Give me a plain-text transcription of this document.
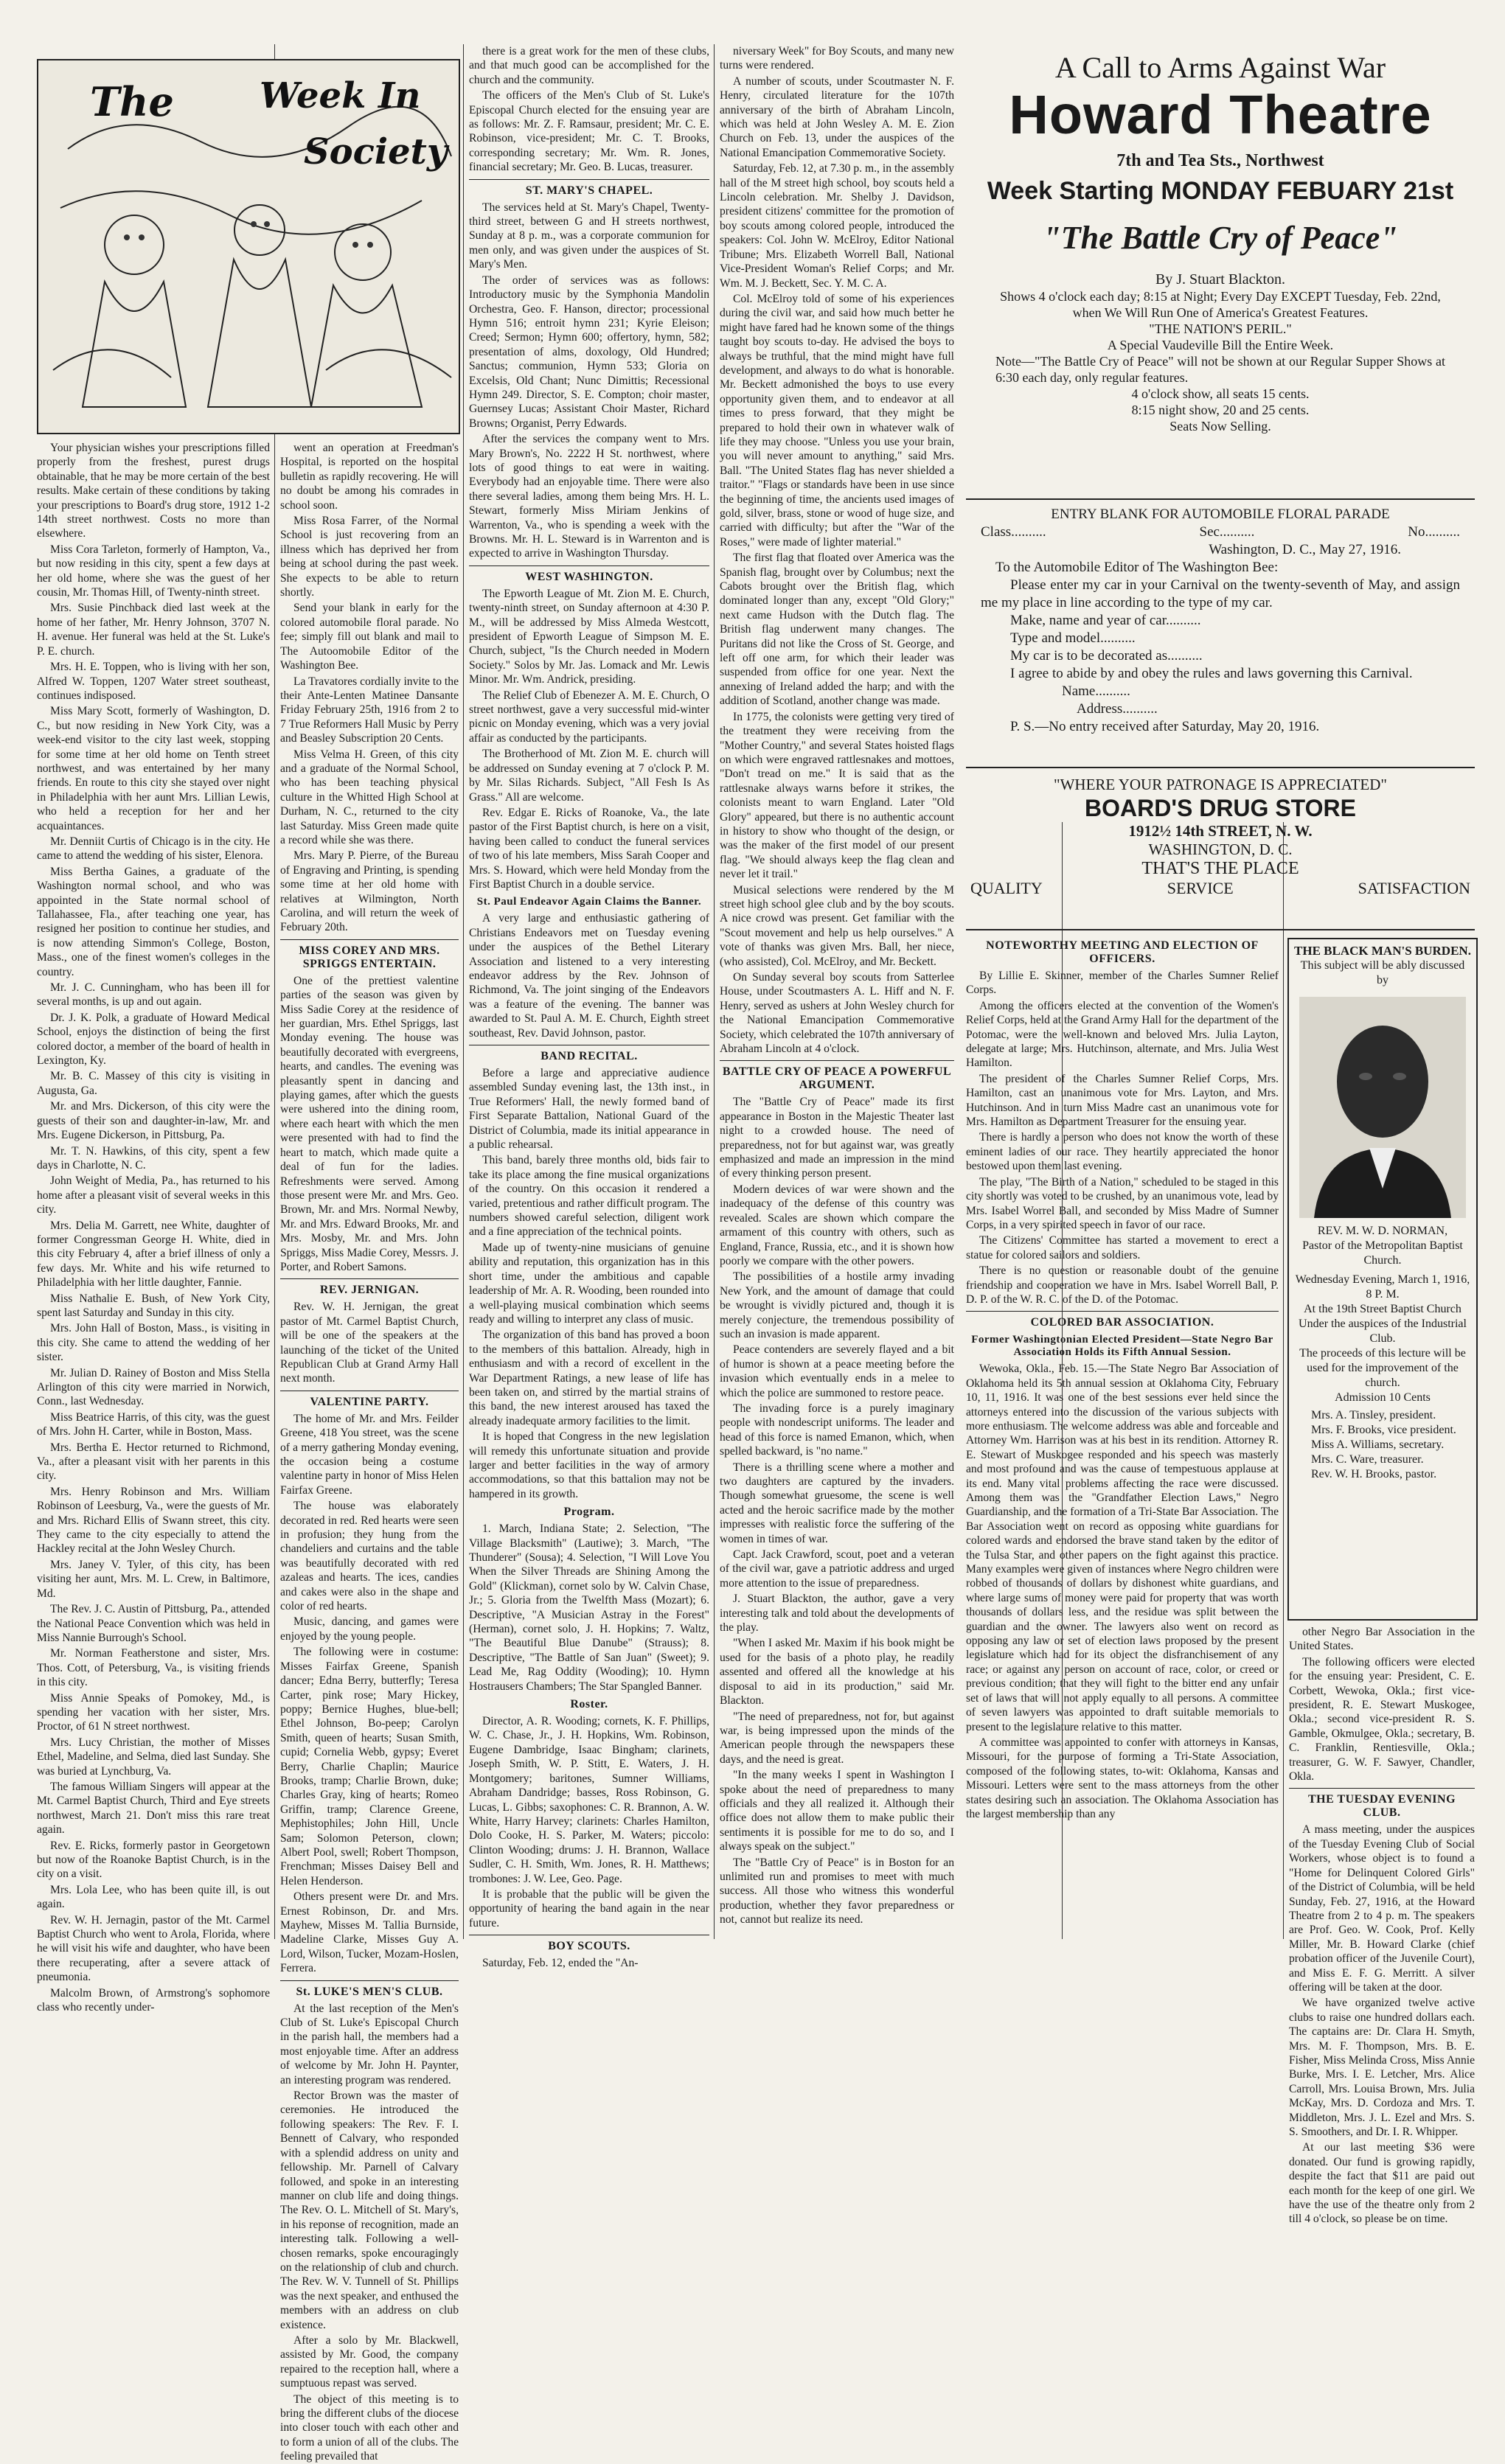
The Week In
Society

Your physician wishes your prescriptions filled properly from the freshest, purest drugs obtainable, that he may be more certain of the best results. Make certain of these conditions by taking your prescriptions to Board's drug store, 1912 1-2 14th street northwest. Costs no more than elsewhere.

Miss Cora Tarleton, formerly of Hampton, Va., but now residing in this city, spent a few days at her old home, where she was the guest of her cousin, Mr. Thomas Hill, of Twenty-ninth street.

Mrs. Susie Pinchback died last week at the home of her father, Mr. Henry Johnson, 3707 N. H. avenue. Her funeral was held at the St. Luke's P. E. church.

Mrs. H. E. Toppen, who is living with her son, Alfred W. Toppen, 1207 Water street southeast, continues indisposed.

Miss Mary Scott, formerly of Washington, D. C., but now residing in New York City, was a week-end visitor to the city last week, stopping for some time at her old home on Tenth street northwest, and was entertained by her many friends. En route to this city she stayed over night in Philadelphia with her aunt Mrs. Lillian Lewis, who held a reception for her and her acquaintances.

Mr. Denniit Curtis of Chicago is in the city. He came to attend the wedding of his sister, Elenora.

Miss Bertha Gaines, a graduate of the Washington normal school, and who was appointed in the State normal school of Tallahassee, Fla., after teaching one year, has resigned her position to continue her studies, and is now attending Simmon's College, Boston, Mass., one of the finest women's colleges in the country.

Mr. J. C. Cunningham, who has been ill for several months, is up and out again.

Dr. J. K. Polk, a graduate of Howard Medical School, enjoys the distinction of being the first colored doctor, a member of the board of health in Lexington, Ky.

Mr. B. C. Massey of this city is visiting in Augusta, Ga.

Mr. and Mrs. Dickerson, of this city were the guests of their son and daughter-in-law, Mr. and Mrs. Eugene Dickerson, in Pittsburg, Pa.

Mr. T. N. Hawkins, of this city, spent a few days in Charlotte, N. C.

John Weight of Media, Pa., has returned to his home after a pleasant visit of several weeks in this city.

Mrs. Delia M. Garrett, nee White, daughter of former Congressman George H. White, died in this city February 4, after a brief illness of only a few days. Mr. White and his wife returned to Philadelphia with her little daughter, Fannie.

Miss Nathalie E. Bush, of New York City, spent last Saturday and Sunday in this city.

Mrs. John Hall of Boston, Mass., is visiting in this city. She came to attend the wedding of her sister.

Mr. Julian D. Rainey of Boston and Miss Stella Arlington of this city were married in Norwich, Conn., last Wednesday.

Miss Beatrice Harris, of this city, was the guest of Mrs. John H. Carter, while in Boston, Mass.

Mrs. Bertha E. Hector returned to Richmond, Va., after a pleasant visit with her parents in this city.

Mrs. Henry Robinson and Mrs. William Robinson of Leesburg, Va., were the guests of Mr. and Mrs. Richard Ellis of Swann street, this city. They came to the city especially to attend the Hackley recital at the John Wesley Church.

Mrs. Janey V. Tyler, of this city, has been visiting her aunt, Mrs. M. L. Crew, in Baltimore, Md.

The Rev. J. C. Austin of Pittsburg, Pa., attended the National Peace Convention which was held in Miss Nannie Burrough's School.

Mr. Norman Featherstone and sister, Mrs. Thos. Cott, of Petersburg, Va., is visiting friends in this city.

Miss Annie Speaks of Pomokey, Md., is spending her vacation with her sister, Mrs. Proctor, of 61 N street northwest.

Mrs. Lucy Christian, the mother of Misses Ethel, Madeline, and Selma, died last Sunday. She was buried at Lynchburg, Va.

The famous William Singers will appear at the Mt. Carmel Baptist Church, Third and Eye streets northwest, March 21. Don't miss this rare treat again.

Rev. E. Ricks, formerly pastor in Georgetown but now of the Roanoke Baptist Church, is in the city on a visit.

Mrs. Lola Lee, who has been quite ill, is out again.

Rev. W. H. Jernagin, pastor of the Mt. Carmel Baptist Church who went to Arola, Florida, where he will visit his wife and daughter, who have been there recuperating, after a severe attack of pneumonia.

Malcolm Brown, of Armstrong's sophomore class who recently under-

went an operation at Freedman's Hospital, is reported on the hospital bulletin as rapidly recovering. He will no doubt be among his comrades in school soon.

Miss Rosa Farrer, of the Normal School is just recovering from an illness which has deprived her from being at school during the past week. She expects to be able to return shortly.

Send your blank in early for the colored automobile floral parade. No fee; simply fill out blank and mail to The Autoomobile Editor of the Washington Bee.

La Travatores cordially invite to the their Ante-Lenten Matinee Dansante Friday February 25th, 1916 from 2 to 7 True Reformers Hall Music by Perry and Beasley Subscription 20 Cents.

Miss Velma H. Green, of this city and a graduate of the Normal School, who has been teaching physical culture in the Whitted High School at Durham, N. C., returned to the city last Saturday. Miss Green made quite a record while she was there.

Mrs. Mary P. Pierre, of the Bureau of Engraving and Printing, is spending some time at her old home with relatives at Wilmington, North Carolina, and will return the week of February 20th.

MISS COREY AND MRS. SPRIGGS ENTERTAIN.

One of the prettiest valentine parties of the season was given by Miss Sadie Corey at the residence of her guardian, Mrs. Ethel Spriggs, last Monday evening. The house was beautifully decorated with evergreens, hearts, and candles. The evening was pleasantly spent in dancing and playing games, after which the guests were ushered into the dining room, where each heart with which the men were presented with had to find the heart to match, which made quite a deal of fun for the ladies. Refreshments were served. Among those present were Mr. and Mrs. Geo. Brown, Mr. and Mrs. Normal Newby, Mr. and Mrs. Edward Brooks, Mr. and Mrs. Mosby, Mr. and Mrs. John Spriggs, Miss Madie Corey, Messrs. J. Porter, and Robert Samons.

REV. JERNIGAN.

Rev. W. H. Jernigan, the great pastor of Mt. Carmel Baptist Church, will be one of the speakers at the launching of the ticket of the United Republican Club at Grand Army Hall next month.

VALENTINE PARTY.

The home of Mr. and Mrs. Feilder Greene, 418 You street, was the scene of a merry gathering Monday evening, the occasion being a costume valentine party in honor of Miss Helen Fairfax Greene.

The house was elaborately decorated in red. Red hearts were seen in profusion; they hung from the chandeliers and curtains and the table was beautifully decorated with red azaleas and hearts. The ices, candies and cakes were also in the shape and color of red hearts.

Music, dancing, and games were enjoyed by the young people.

The following were in costume: Misses Fairfax Greene, Spanish dancer; Edna Berry, butterfly; Teresa Carter, pink rose; Mary Hickey, poppy; Bernice Hughes, blue-bell; Ethel Johnson, Bo-peep; Carolyn Smith, queen of hearts; Susan Smith, cupid; Cornelia Webb, gypsy; Everet Berry, Charlie Chaplin; Maurice Brooks, tramp; Charlie Brown, duke; Charles Gray, king of hearts; Romeo Griffin, tramp; Clarence Greene, Mephistophiles; John Hill, Uncle Sam; Solomon Peterson, clown; Albert Pool, swell; Robert Thompson, Frenchman; Misses Daisey Bell and Helen Henderson.

Others present were Dr. and Mrs. Ernest Robinson, Dr. and Mrs. Mayhew, Misses M. Tallia Burnside, Madeline Clarke, Misses Guy A. Lord, Wilson, Tucker, Mozam-Hoslen, Ferrera.

St. LUKE'S MEN'S CLUB.

At the last reception of the Men's Club of St. Luke's Episcopal Church in the parish hall, the members had a most enjoyable time. After an address of welcome by Mr. John H. Paynter, an interesting program was rendered.

Rector Brown was the master of ceremonies. He introduced the following speakers: The Rev. F. I. Bennett of Calvary, who responded with a splendid address on unity and fellowship. Mr. Parnell of Calvary followed, and spoke in an interesting manner on club life and doing things. The Rev. O. L. Mitchell of St. Mary's, in his reponse of recognition, made an interesting talk. Following a well-chosen remarks, spoke encouragingly on the relationship of club and church. The Rev. W. V. Tunnell of St. Phillips was the next speaker, and enthused the members with an address on club existence.

After a solo by Mr. Blackwell, assisted by Mr. Good, the company repaired to the reception hall, where a sumptuous repast was served.

The object of this meeting is to bring the different clubs of the diocese into closer touch with each other and to form a union of all of the clubs. The feeling prevailed that

there is a great work for the men of these clubs, and that much good can be accomplished for the church and the community.

The officers of the Men's Club of St. Luke's Episcopal Church elected for the ensuing year are as follows: Mr. Z. F. Ramsaur, president; Mr. C. E. Robinson, vice-president; Mr. C. T. Brooks, corresponding secretary; Mr. Wm. R. Jones, financial secretary; Mr. Geo. B. Lucas, treasurer.

ST. MARY'S CHAPEL.

The services held at St. Mary's Chapel, Twenty-third street, between G and H streets northwest, Sunday at 8 p. m., was a corporate communion for men only, and was given under the auspices of St. Mary's Men.

The order of services was as follows: Introductory music by the Symphonia Mandolin Orchestra, Geo. F. Hanson, director; processional Hymn 516; entroit hymn 231; Kyrie Eleison; Creed; Sermon; Hymn 600; offertory, hymn, 582; presentation of alms, doxology, Old Hundred; Sanctus; communion, Hymn 533; Gloria on Excelsis, Old Chant; Nunc Dimittis; Recessional Hymn 249. Director, S. E. Compton; choir master, Guernsey Lucas; Assistant Choir Master, Richard Browns; Organist, Perry Edwards.

After the services the company went to Mrs. Mary Brown's, No. 2222 H St. northwest, where lots of good things to eat were in waiting. Everybody had an enjoyable time. There were also there several ladies, among them being Mrs. H. L. Stewart, formerly Miss Miriam Jenkins of Warrenton, Va., who is spending a week with the Browns. Mr. H. L. Steward is in Warrenton and is expected to arrive in Washington Thursday.

WEST WASHINGTON.

The Epworth League of Mt. Zion M. E. Church, twenty-ninth street, on Sunday afternoon at 4:30 P. M., will be addressed by Miss Almeda Westcott, president of Epworth League of Simpson M. E. Church, subject, "Is the Church needed in Modern Society." Solos by Mr. Jas. Lomack and Mr. Lewis Minor. Mr. Wm. Andrick, presiding.

The Relief Club of Ebenezer A. M. E. Church, O street northwest, gave a very successful mid-winter picnic on Monday evening, which was a very jovial affair as conducted by the participants.

The Brotherhood of Mt. Zion M. E. church will be addressed on Sunday evening at 7 o'clock P. M. by Mr. Silas Richards. Subject, "All Fesh Is As Grass." All are welcome.

Rev. Edgar E. Ricks of Roanoke, Va., the late pastor of the First Baptist church, is here on a visit, having been called to conduct the funeral services of two of his late members, Miss Sarah Cooper and Mrs. S. Howard, which were held Monday from the First Baptist Church in a double service.

St. Paul Endeavor Again Claims the Banner.

A very large and enthusiastic gathering of Christians Endeavors met on Tuesday evening under the auspices of the Bethel Literary Association and listened to a very interesting endeavor address by the Rev. Johnson of Richmond, Va. The joint singing of the Endeavors was a feature of the evening. The banner was awarded to St. Paul A. M. E. Church, Eighth street southeast, Rev. David Johnson, pastor.

BAND RECITAL.

Before a large and appreciative audience assembled Sunday evening last, the 13th inst., in True Reformers' Hall, the newly formed band of First Separate Battalion, National Guard of the District of Columbia, made its initial appearance in a public rehearsal.

This band, barely three months old, bids fair to take its place among the fine musical organizations of the country. On this occasion it rendered a varied, pretentious and rather difficult program. The numbers showed careful selection, diligent work and a fine appreciation of the technical points.

Made up of twenty-nine musicians of genuine ability and reputation, this organization has in this short time, under the ambitious and capable leadership of Mr. A. R. Wooding, been rounded into a well-playing musical combination which seems ready and willing to interpret any class of music.

The organization of this band has proved a boon to the members of this battalion. Already, high in enthusiasm and with a record of excellent in the War Department Ratings, a new lease of life has been taken on, and stirred by the martial strains of this band, the new interest aroused has taxed the already inadequate armory facilities to the limit.

It is hoped that Congress in the new legislation will remedy this unfortunate situation and provide larger and better facilities in the way of armory accommodations, so that this battalion may not be hampered in its growth.

Program.

1. March, Indiana State; 2. Selection, "The Village Blacksmith" (Lautiwe); 3. March, "The Thunderer" (Sousa); 4. Selection, "I Will Love You When the Silver Threads are Shining Among the Gold" (Klickman), cornet solo by W. Calvin Chase, Jr.; 5. Gloria from the Twelfth Mass (Mozart); 6. Descriptive, "A Musician Astray in the Forest" (Herman), cornet solo, J. H. Hopkins; 7. Waltz, "The Beautiful Blue Danube" (Strauss); 8. Descriptive, "The Battle of San Juan" (Sweet); 9. Lead Me, Rag Oddity (Wooding); 10. Hymn Hostrausers Chambers; The Star Spangled Banner.

Roster.

Director, A. R. Wooding; cornets, K. F. Phillips, W. C. Chase, Jr., J. H. Hopkins, Wm. Robinson, Eugene Dambridge, Isaac Bingham; clarinets, Joseph Smith, W. P. Stitt, E. Waters, J. H. Montgomery; baritones, Sumner Williams, Abraham Dandridge; basses, Ross Robinson, G. Lucas, L. Gibbs; saxophones: C. R. Brannon, A. W. White, Harry Harvey; clarinets: Charles Hamilton, Dolo Cooke, H. S. Parker, M. Waters; piccolo: Clinton Wooding; drums: J. H. Brannon, Wallace Sudler, C. H. Smith, Wm. Jones, R. H. Matthews; trombones: J. W. Lee, Geo. Page.

It is probable that the public will be given the opportunity of hearing the band again in the near future.

BOY SCOUTS.

Saturday, Feb. 12, ended the "An-

niversary Week" for Boy Scouts, and many new turns were rendered.

A number of scouts, under Scoutmaster N. F. Henry, circulated literature for the 107th anniversary of the birth of Abraham Lincoln, which was held at John Wesley A. M. E. Zion Church on Feb. 13, under the auspices of the National Emancipation Commemorative Society.

Saturday, Feb. 12, at 7.30 p. m., in the assembly hall of the M street high school, boy scouts held a Lincoln celebration. Mr. Shelby J. Davidson, president citizens' committee for the promotion of boy scouts among colored people, introduced the speakers: Col. John W. McElroy, Editor National Tribune; Mrs. Elizabeth Worrell Ball, National Vice-President Woman's Relief Corps; and Mr. Wm. M. J. Beckett, Sec. Y. M. C. A.

Col. McElroy told of some of his experiences during the civil war, and said how much better he might have fared had he known some of the things taught boy scouts to-day. He advised the boys to always be truthful, that the mind might have full development, and always to do what is honorable. Mr. Beckett admonished the boys to use every opportunity given them, and to endeavor at all times to press forward, that they might be prepared to hold their own in whatever walk of life they may choose. "Unless you use your brain, you will never amount to anything," said Mrs. Ball. "The United States flag has never shielded a traitor." "Flags or standards have been in use since the beginning of time, the ancients used images of gold, silver, brass, stone or wood of huge size, and carried with difficulty; but after the "War of the Roses," were made of lighter material."

The first flag that floated over America was the Spanish flag, brought over by Columbus; next the Cabots brought over the British flag, which dominated longer than any, except "Old Glory;" next came Hudson with the Dutch flag. The British flag underwent many changes. The Puritans did not like the Cross of St. George, and left off one arm, for which their leader was suspended from office for one year. Next the annexing of Ireland added the harp; and with the addition of Scotland, another change was made.

In 1775, the colonists were getting very tired of the treatment they were receiving from the "Mother Country," and several States hoisted flags on which were engraved rattlesnakes and mottoes, "Don't tread on me." It is said that as the rattlesnake always warns before it strikes, the colonists meant to warn England. Later "Old Glory" appeared, but there is no authentic account in history to show who thought of the design, or was the maker of the first model of our present flag. "We should always keep the flag clean and never let it trail."

Musical selections were rendered by the M street high school glee club and by the boy scouts. A nice crowd was present. Get familiar with the "Scout movement and help us help ourselves." A vote of thanks was given Mrs. Ball, her niece, (who assisted), Col. McElroy, and Mr. Beckett.

On Sunday several boy scouts from Satterlee House, under Scoutmasters A. L. Hiff and N. F. Henry, served as ushers at John Wesley church for the National Emancipation Commemorative Society, which celebrated the 107th anniversary of Abraham Lincoln at 4 o'clock.

BATTLE CRY OF PEACE A POWERFUL ARGUMENT.

The "Battle Cry of Peace" made its first appearance in Boston in the Majestic Theater last night to a crowded house. The need of preparedness, not for but against war, was greatly emphasized and made an impression in the mind of every thinking person present.

Modern devices of war were shown and the inadequacy of the defense of this country was revealed. Scales are shown which compare the armament of this country with others, such as England, France, Russia, etc., and it is shown how poorly we compare with the other powers.

The possibilities of a hostile army invading New York, and the amount of damage that could be wrought is vividly pictured and, though it is merely conjecture, the tremendous possibility of such an invasion is made apparent.

Peace contenders are severely flayed and a bit of humor is shown at a peace meeting before the invasion which eventually ends in a melee to which the police are summoned to restore peace.

The invading force is a purely imaginary people with nondescript uniforms. The leader and head of this force is named Emanon, which, when spelled backward, is "no name."

There is a thrilling scene where a mother and two daughters are captured by the invaders. Though somewhat gruesome, the scene is well acted and the heroic sacrifice made by the mother impresses with realistic force the suffering of the women in times of war.

Capt. Jack Crawford, scout, poet and a veteran of the civil war, gave a patriotic address and urged more attention to the issue of preparedness.

J. Stuart Blackton, the author, gave a very interesting talk and told about the developments of the play.

"When I asked Mr. Maxim if his book might be used for the basis of a photo play, he readily assented and offered all the knowledge at his disposal to aid in its production," said Mr. Blackton.

"The need of preparedness, not for, but against war, is being impressed upon the minds of the American people through the newspapers these days, and the need is great.

"In the many weeks I spent in Washington I spoke about the need of preparedness to many officials and they all realized it. Although their office does not allow them to make public their sentiments it is possible for me to do so, and I always speak on the subject."

The "Battle Cry of Peace" is in Boston for an unlimited run and promises to meet with much success. All those who witness this wonderful production, whether they favor preparedness or not, cannot but realize its need.

A Call to Arms Against War
Howard Theatre
7th and Tea Sts., Northwest
Week Starting MONDAY FEBUARY 21st
"The Battle Cry of Peace"
By J. Stuart Blackton.
Shows 4 o'clock each day; 8:15 at Night; Every Day EXCEPT Tuesday, Feb. 22nd, when We Will Run One of America's Greatest Features.
"THE NATION'S PERIL."
A Special Vaudeville Bill the Entire Week.
Note—"The Battle Cry of Peace" will not be shown at our Regular Supper Shows at 6:30 each day, only regular features.
4 o'clock show, all seats 15 cents.
8:15 night show, 20 and 25 cents.
Seats Now Selling.
ENTRY BLANK FOR AUTOMOBILE FLORAL PARADE
Class..........	Sec..........	No..........
Washington, D. C., May 27, 1916.
To the Automobile Editor of The Washington Bee:
Please enter my car in your Carnival on the twenty-seventh of May, and assign me my place in line according to the type of my car.
Make, name and year of car..........
Type and model..........
My car is to be decorated as..........
I agree to abide by and obey the rules and laws governing this Carnival.
Name..........
Address..........
P. S.—No entry received after Saturday, May 20, 1916.
"WHERE YOUR PATRONAGE IS APPRECIATED"
BOARD'S DRUG STORE
1912½ 14th STREET, N. W.
WASHINGTON, D. C.
THAT'S THE PLACE
QUALITY	SERVICE	SATISFACTION
NOTEWORTHY MEETING AND ELECTION OF OFFICERS.

By Lillie E. Skinner, member of the Charles Sumner Relief Corps.

Among the officers elected at the convention of the Women's Relief Corps, held at the Grand Army Hall for the department of the Potomac, were the well-known and beloved Mrs. Julia Layton, delegate at large; Mrs. Hutchinson, alternate, and Mrs. Julia West Hamilton.

The president of the Charles Sumner Relief Corps, Mrs. Hamilton, cast an unanimous vote for Mrs. Layton, and Mrs. Hutchinson. And in turn Miss Madre cast an unanimous vote for Mrs. Hamilton as Department Treasurer for the ensuing year.

There is hardly a person who does not know the worth of these eminent ladies of our race. They heartily appreciated the honor bestowed upon them last evening.

The play, "The Birth of a Nation," scheduled to be staged in this city shortly was voted to be crushed, by an unanimous vote, lead by Mrs. Isabel Worrel Ball, and seconded by Miss Madre of Sumner Corps, in a very spirited speech in favor of our race.

The Citizens' Committee has started a movement to erect a statue for colored sailors and soldiers.

There is no question or reasonable doubt of the genuine friendship and cooperation we have in Mrs. Isabel Worrell Ball, P. D. P. of the W. R. C. of the D. of the Potomac.

COLORED BAR ASSOCIATION.
Former Washingtonian Elected President—State Negro Bar Association Holds its Fifth Annual Session.

Wewoka, Okla., Feb. 15.—The State Negro Bar Association of Oklahoma held its 5th annual session at Oklahoma City, February 10, 11, 1916. It was one of the best sessions ever held since the attorneys entered into the discussion of the various subjects with more enthusiasm. The welcome address was able and forceable and Attorney Wm. Harrison was at his best in its rendition. Attorney R. E. Stewart of Muskogee responded and his speech was masterly and most profound and was the cause of tempestuous applause at its end. Many vital problems affecting the race were discussed. Among them was the "Grandfather Election Laws," Negro Guardianship, and the formation of a Tri-State Bar Association. The Bar Association went on record as opposing white guardians for colored wards and endorsed the brave stand taken by the editor of the Tulsa Star, and other papers on the fight against this practice. Many examples were given of instances where Negro children were robbed of thousands of dollars by dishonest white guardians, and where large sums of money were paid for property that was worth thousands of dollars less, and the residue was split between the guardian and the owner. The lawyers also went on record as opposing any law or set of election laws proposed by the present legislature which had for its object the disfranchisement of any race; or against any person on account of race, color, or creed or previous condition; that they will fight to the bitter end any unfair set of laws that will not apply equally to all persons. A committee of seven lawyers was appointed to draft suitable memorials to present to the legislature relative to this matter.

A committee was appointed to confer with attorneys in Kansas, Missouri, for the purpose of forming a Tri-State Association, composed of the following states, to-wit: Oklahoma, Kansas and Missouri. Letters were sent to the mass attorneys from the other states desiring such an association. The Oklahoma Association has the largest membership than any

THE BLACK MAN'S BURDEN.
This subject will be ably discussed by
REV. M. W. D. NORMAN,
Pastor of the Metropolitan Baptist Church.
Wednesday Evening, March 1, 1916, 8 P. M.
At the 19th Street Baptist Church Under the auspices of the Industrial Club.
The proceeds of this lecture will be used for the improvement of the church.
Admission 10 Cents
Mrs. A. Tinsley, president.
Mrs. F. Brooks, vice president.
Miss A. Williams, secretary.
Mrs. C. Ware, treasurer.
Rev. W. H. Brooks, pastor.

other Negro Bar Association in the United States.

The following officers were elected for the ensuing year: President, C. E. Corbett, Wewoka, Okla.; first vice-president, R. E. Stewart Muskogee, Okla.; second vice-president R. S. Gamble, Okmulgee, Okla.; secretary, B. C. Franklin, Rentiesville, Okla.; treasurer, G. W. F. Sawyer, Chandler, Okla.

THE TUESDAY EVENING CLUB.

A mass meeting, under the auspices of the Tuesday Evening Club of Social Workers, whose object is to found a "Home for Delinquent Colored Girls" of the District of Columbia, will be held Sunday, Feb. 27, 1916, at the Howard Theatre from 2 to 4 p. m. The speakers are Prof. Geo. W. Cook, Prof. Kelly Miller, Mr. B. Howard Clarke (chief probation officer of the Juvenile Court), and Miss E. F. G. Merritt. A silver offering will be taken at the door.

We have organized twelve active clubs to raise one hundred dollars each. The captains are: Dr. Clara H. Smyth, Mrs. M. F. Thompson, Mrs. B. E. Fisher, Miss Melinda Cross, Miss Annie Burke, Mrs. I. E. Letcher, Mrs. Alice Carroll, Mrs. Louisa Brown, Mrs. Julia McKay, Mrs. D. Cordoza and Mrs. T. Middleton, Mrs. J. L. Ezel and Mrs. S. S. Smoothers, and Dr. I. R. Whipper.

At our last meeting $36 were donated. Our fund is growing rapidly, despite the fact that $11 are paid out each month for the keep of one girl. We have the use of the theatre only from 2 till 4 o'clock, so please be on time.
